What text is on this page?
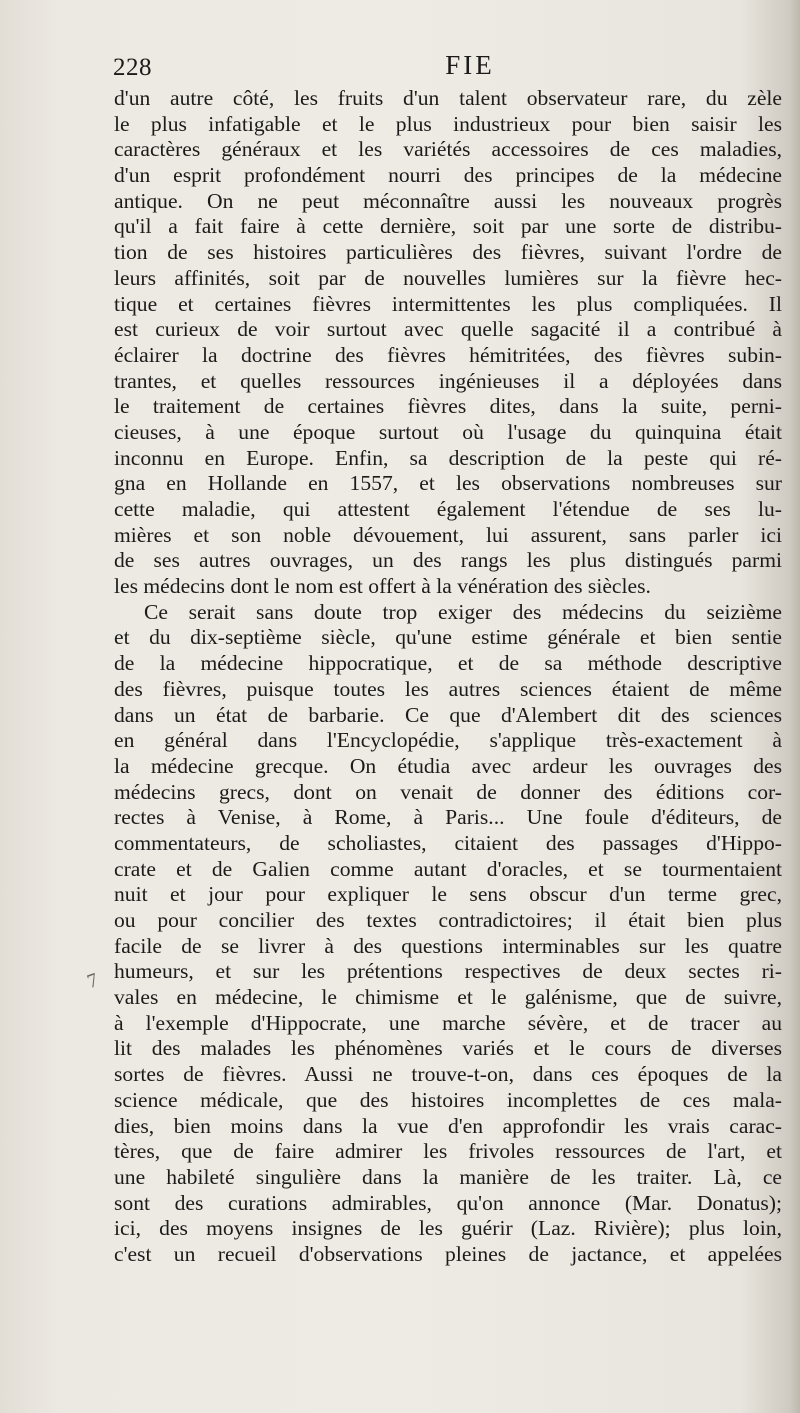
228	FIE
7
d'un autre côté, les fruits d'un talent observateur rare, du zèle
le plus infatigable et le plus industrieux pour bien saisir les
caractères généraux et les variétés accessoires de ces maladies,
d'un esprit profondément nourri des principes de la médecine
antique. On ne peut méconnaître aussi les nouveaux progrès
qu'il a fait faire à cette dernière, soit par une sorte de distribu-
tion de ses histoires particulières des fièvres, suivant l'ordre de
leurs affinités, soit par de nouvelles lumières sur la fièvre hec-
tique et certaines fièvres intermittentes les plus compliquées. Il
est curieux de voir surtout avec quelle sagacité il a contribué à
éclairer la doctrine des fièvres hémitritées, des fièvres subin-
trantes, et quelles ressources ingénieuses il a déployées dans
le traitement de certaines fièvres dites, dans la suite, perni-
cieuses, à une époque surtout où l'usage du quinquina était
inconnu en Europe. Enfin, sa description de la peste qui ré-
gna en Hollande en 1557, et les observations nombreuses sur
cette maladie, qui attestent également l'étendue de ses lu-
mières et son noble dévouement, lui assurent, sans parler ici
de ses autres ouvrages, un des rangs les plus distingués parmi
les médecins dont le nom est offert à la vénération des siècles.
Ce serait sans doute trop exiger des médecins du seizième
et du dix-septième siècle, qu'une estime générale et bien sentie
de la médecine hippocratique, et de sa méthode descriptive
des fièvres, puisque toutes les autres sciences étaient de même
dans un état de barbarie. Ce que d'Alembert dit des sciences
en général dans l'Encyclopédie, s'applique très-exactement à
la médecine grecque. On étudia avec ardeur les ouvrages des
médecins grecs, dont on venait de donner des éditions cor-
rectes à Venise, à Rome, à Paris... Une foule d'éditeurs, de
commentateurs, de scholiastes, citaient des passages d'Hippo-
crate et de Galien comme autant d'oracles, et se tourmentaient
nuit et jour pour expliquer le sens obscur d'un terme grec,
ou pour concilier des textes contradictoires; il était bien plus
facile de se livrer à des questions interminables sur les quatre
humeurs, et sur les prétentions respectives de deux sectes ri-
vales en médecine, le chimisme et le galénisme, que de suivre,
à l'exemple d'Hippocrate, une marche sévère, et de tracer au
lit des malades les phénomènes variés et le cours de diverses
sortes de fièvres. Aussi ne trouve-t-on, dans ces époques de la
science médicale, que des histoires incomplettes de ces mala-
dies, bien moins dans la vue d'en approfondir les vrais carac-
tères, que de faire admirer les frivoles ressources de l'art, et
une habileté singulière dans la manière de les traiter. Là, ce
sont des curations admirables, qu'on annonce (Mar. Donatus);
ici, des moyens insignes de les guérir (Laz. Rivière); plus loin,
c'est un recueil d'observations pleines de jactance, et appelées
